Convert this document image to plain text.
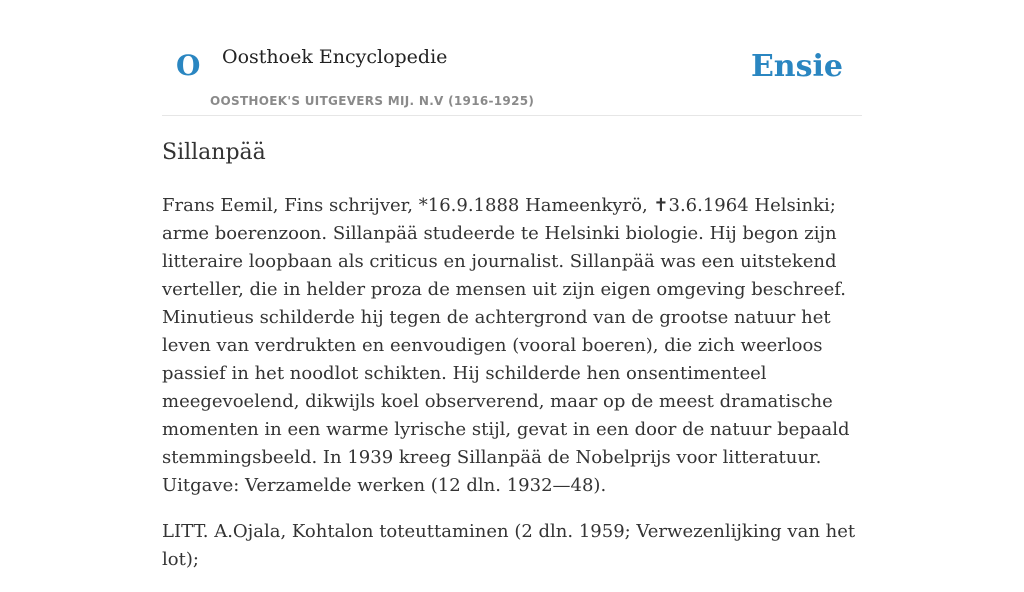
O Oosthoek Encyclopedie
OOSTHOEK'S UITGEVERS MIJ. N.V (1916-1925)
Ensie
Sillanpää

Frans Eemil, Fins schrijver, *16.9.1888 Hameenkyrö, ✝3.6.1964 Helsinki; arme boerenzoon. Sillanpää studeerde te Helsinki biologie. Hij begon zijn litteraire loopbaan als criticus en journalist. Sillanpää was een uitstekend verteller, die in helder proza de mensen uit zijn eigen omgeving beschreef. Minutieus schilderde hij tegen de achtergrond van de grootse natuur het leven van verdrukten en eenvoudigen (vooral boeren), die zich weerloos passief in het noodlot schikten. Hij schilderde hen onsentimenteel meegevoelend, dikwijls koel observerend, maar op de meest dramatische momenten in een warme lyrische stijl, gevat in een door de natuur bepaald stemmingsbeeld. In 1939 kreeg Sillanpää de Nobelprijs voor litteratuur. Uitgave: Verzamelde werken (12 dln. 1932—48).

LITT. A.Ojala, Kohtalon toteuttaminen (2 dln. 1959; Verwezenlijking van het lot);
